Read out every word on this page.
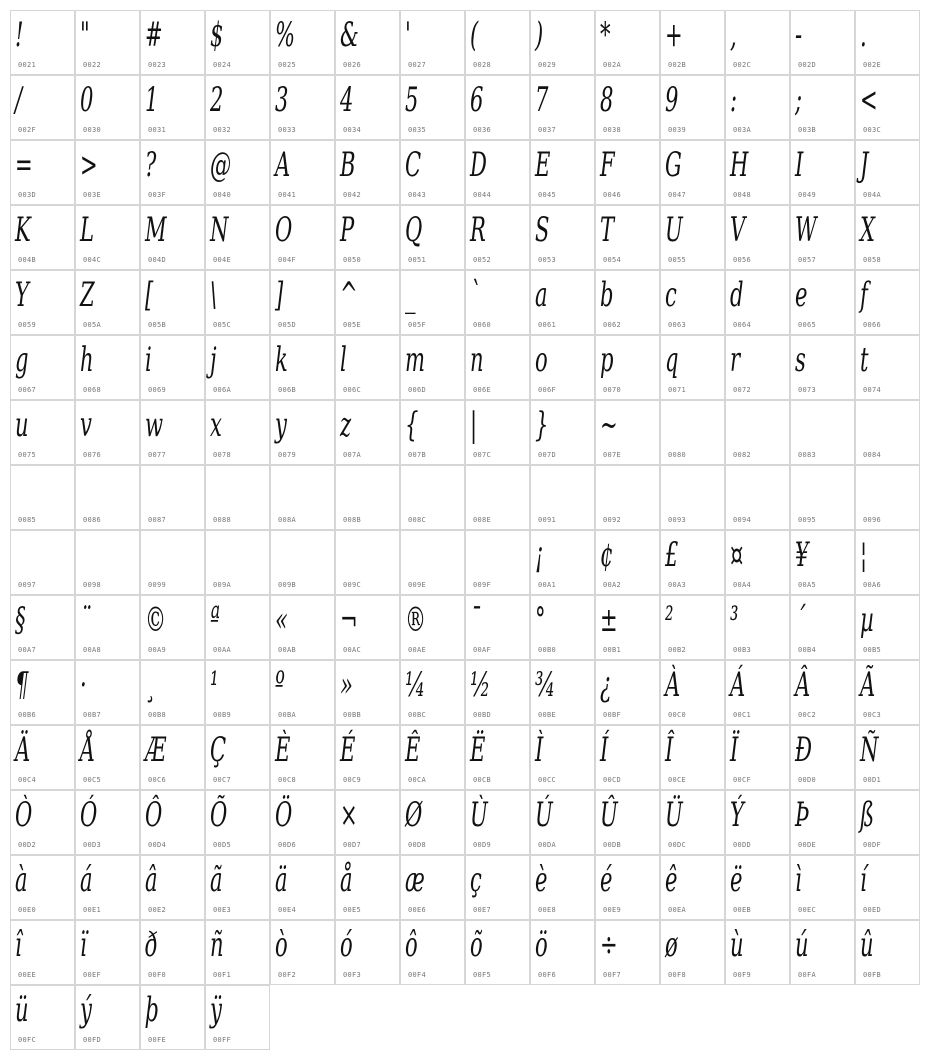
!
0021
"
0022
#
0023
$
0024
%
0025
&
0026
'
0027
(
0028
)
0029
*
002A
+
002B
,
002C
-
002D
.
002E
/
002F
0
0030
1
0031
2
0032
3
0033
4
0034
5
0035
6
0036
7
0037
8
0038
9
0039
:
003A
;
003B
<
003C
=
003D
>
003E
?
003F
@
0040
A
0041
B
0042
C
0043
D
0044
E
0045
F
0046
G
0047
H
0048
I
0049
J
004A
K
004B
L
004C
M
004D
N
004E
O
004F
P
0050
Q
0051
R
0052
S
0053
T
0054
U
0055
V
0056
W
0057
X
0058
Y
0059
Z
005A
[
005B
\
005C
]
005D
^
005E
_
005F
`
0060
a
0061
b
0062
c
0063
d
0064
e
0065
f
0066
g
0067
h
0068
i
0069
j
006A
k
006B
l
006C
m
006D
n
006E
o
006F
p
0070
q
0071
r
0072
s
0073
t
0074
u
0075
v
0076
w
0077
x
0078
y
0079
z
007A
{
007B
|
007C
}
007D
~
007E	0080	0082	0083	0084
0085	0086	0087	0088	008A	008B	008C	008E	0091	0092	0093	0094	0095	0096
0097	0098	0099	009A	009B	009C	009E	009F
¡
00A1
¢
00A2
£
00A3
¤
00A4
¥
00A5
¦
00A6
§
00A7
¨
00A8
©
00A9
ª
00AA
«
00AB
¬
00AC
®
00AE
¯
00AF
°
00B0
±
00B1
²
00B2
³
00B3
´
00B4
µ
00B5
¶
00B6
·
00B7
¸
00B8
¹
00B9
º
00BA
»
00BB
¼
00BC
½
00BD
¾
00BE
¿
00BF
À
00C0
Á
00C1
Â
00C2
Ã
00C3
Ä
00C4
Å
00C5
Æ
00C6
Ç
00C7
È
00C8
É
00C9
Ê
00CA
Ë
00CB
Ì
00CC
Í
00CD
Î
00CE
Ï
00CF
Ð
00D0
Ñ
00D1
Ò
00D2
Ó
00D3
Ô
00D4
Õ
00D5
Ö
00D6
×
00D7
Ø
00D8
Ù
00D9
Ú
00DA
Û
00DB
Ü
00DC
Ý
00DD
Þ
00DE
ß
00DF
à
00E0
á
00E1
â
00E2
ã
00E3
ä
00E4
å
00E5
æ
00E6
ç
00E7
è
00E8
é
00E9
ê
00EA
ë
00EB
ì
00EC
í
00ED
î
00EE
ï
00EF
ð
00F0
ñ
00F1
ò
00F2
ó
00F3
ô
00F4
õ
00F5
ö
00F6
÷
00F7
ø
00F8
ù
00F9
ú
00FA
û
00FB
ü
00FC
ý
00FD
þ
00FE
ÿ
00FF
